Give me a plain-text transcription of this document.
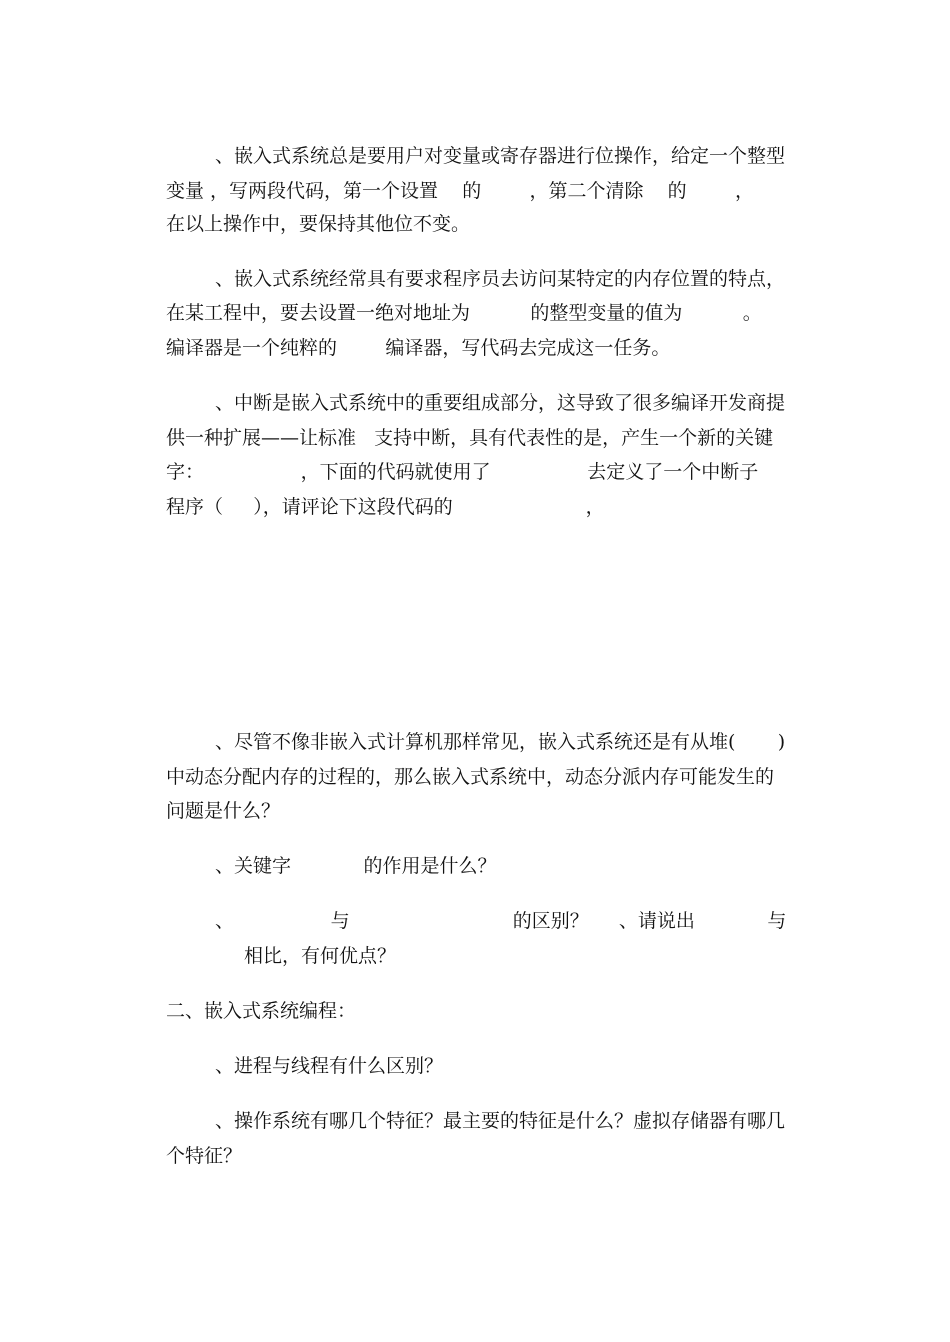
、嵌入式系统总是要用户对变量或寄存器进行位操作，给定一个整型

变量 ，写两段代码，第一个设置    的        ，第二个清除    的        ，

在以上操作中，要保持其他位不变。

、嵌入式系统经常具有要求程序员去访问某特定的内存位置的特点，

在某工程中，要去设置一绝对地址为          的整型变量的值为          。

编译器是一个纯粹的        编译器，写代码去完成这一任务。

、中断是嵌入式系统中的重要组成部分，这导致了很多编译开发商提

供一种扩展——让标准   支持中断，具有代表性的是，产生一个新的关键

字：                ，下面的代码就使用了                去定义了一个中断子

程序（     ），请评论下这段代码的                      ，

、尽管不像非嵌入式计算机那样常见，嵌入式系统还是有从堆(       )

中动态分配内存的过程的，那么嵌入式系统中，动态分派内存可能发生的

问题是什么？

、关键字            的作用是什么？

、                与                           的区别？     、请说出            与

相比，有何优点？

二、嵌入式系统编程：

、进程与线程有什么区别？

、操作系统有哪几个特征？最主要的特征是什么？虚拟存储器有哪几

个特征？
